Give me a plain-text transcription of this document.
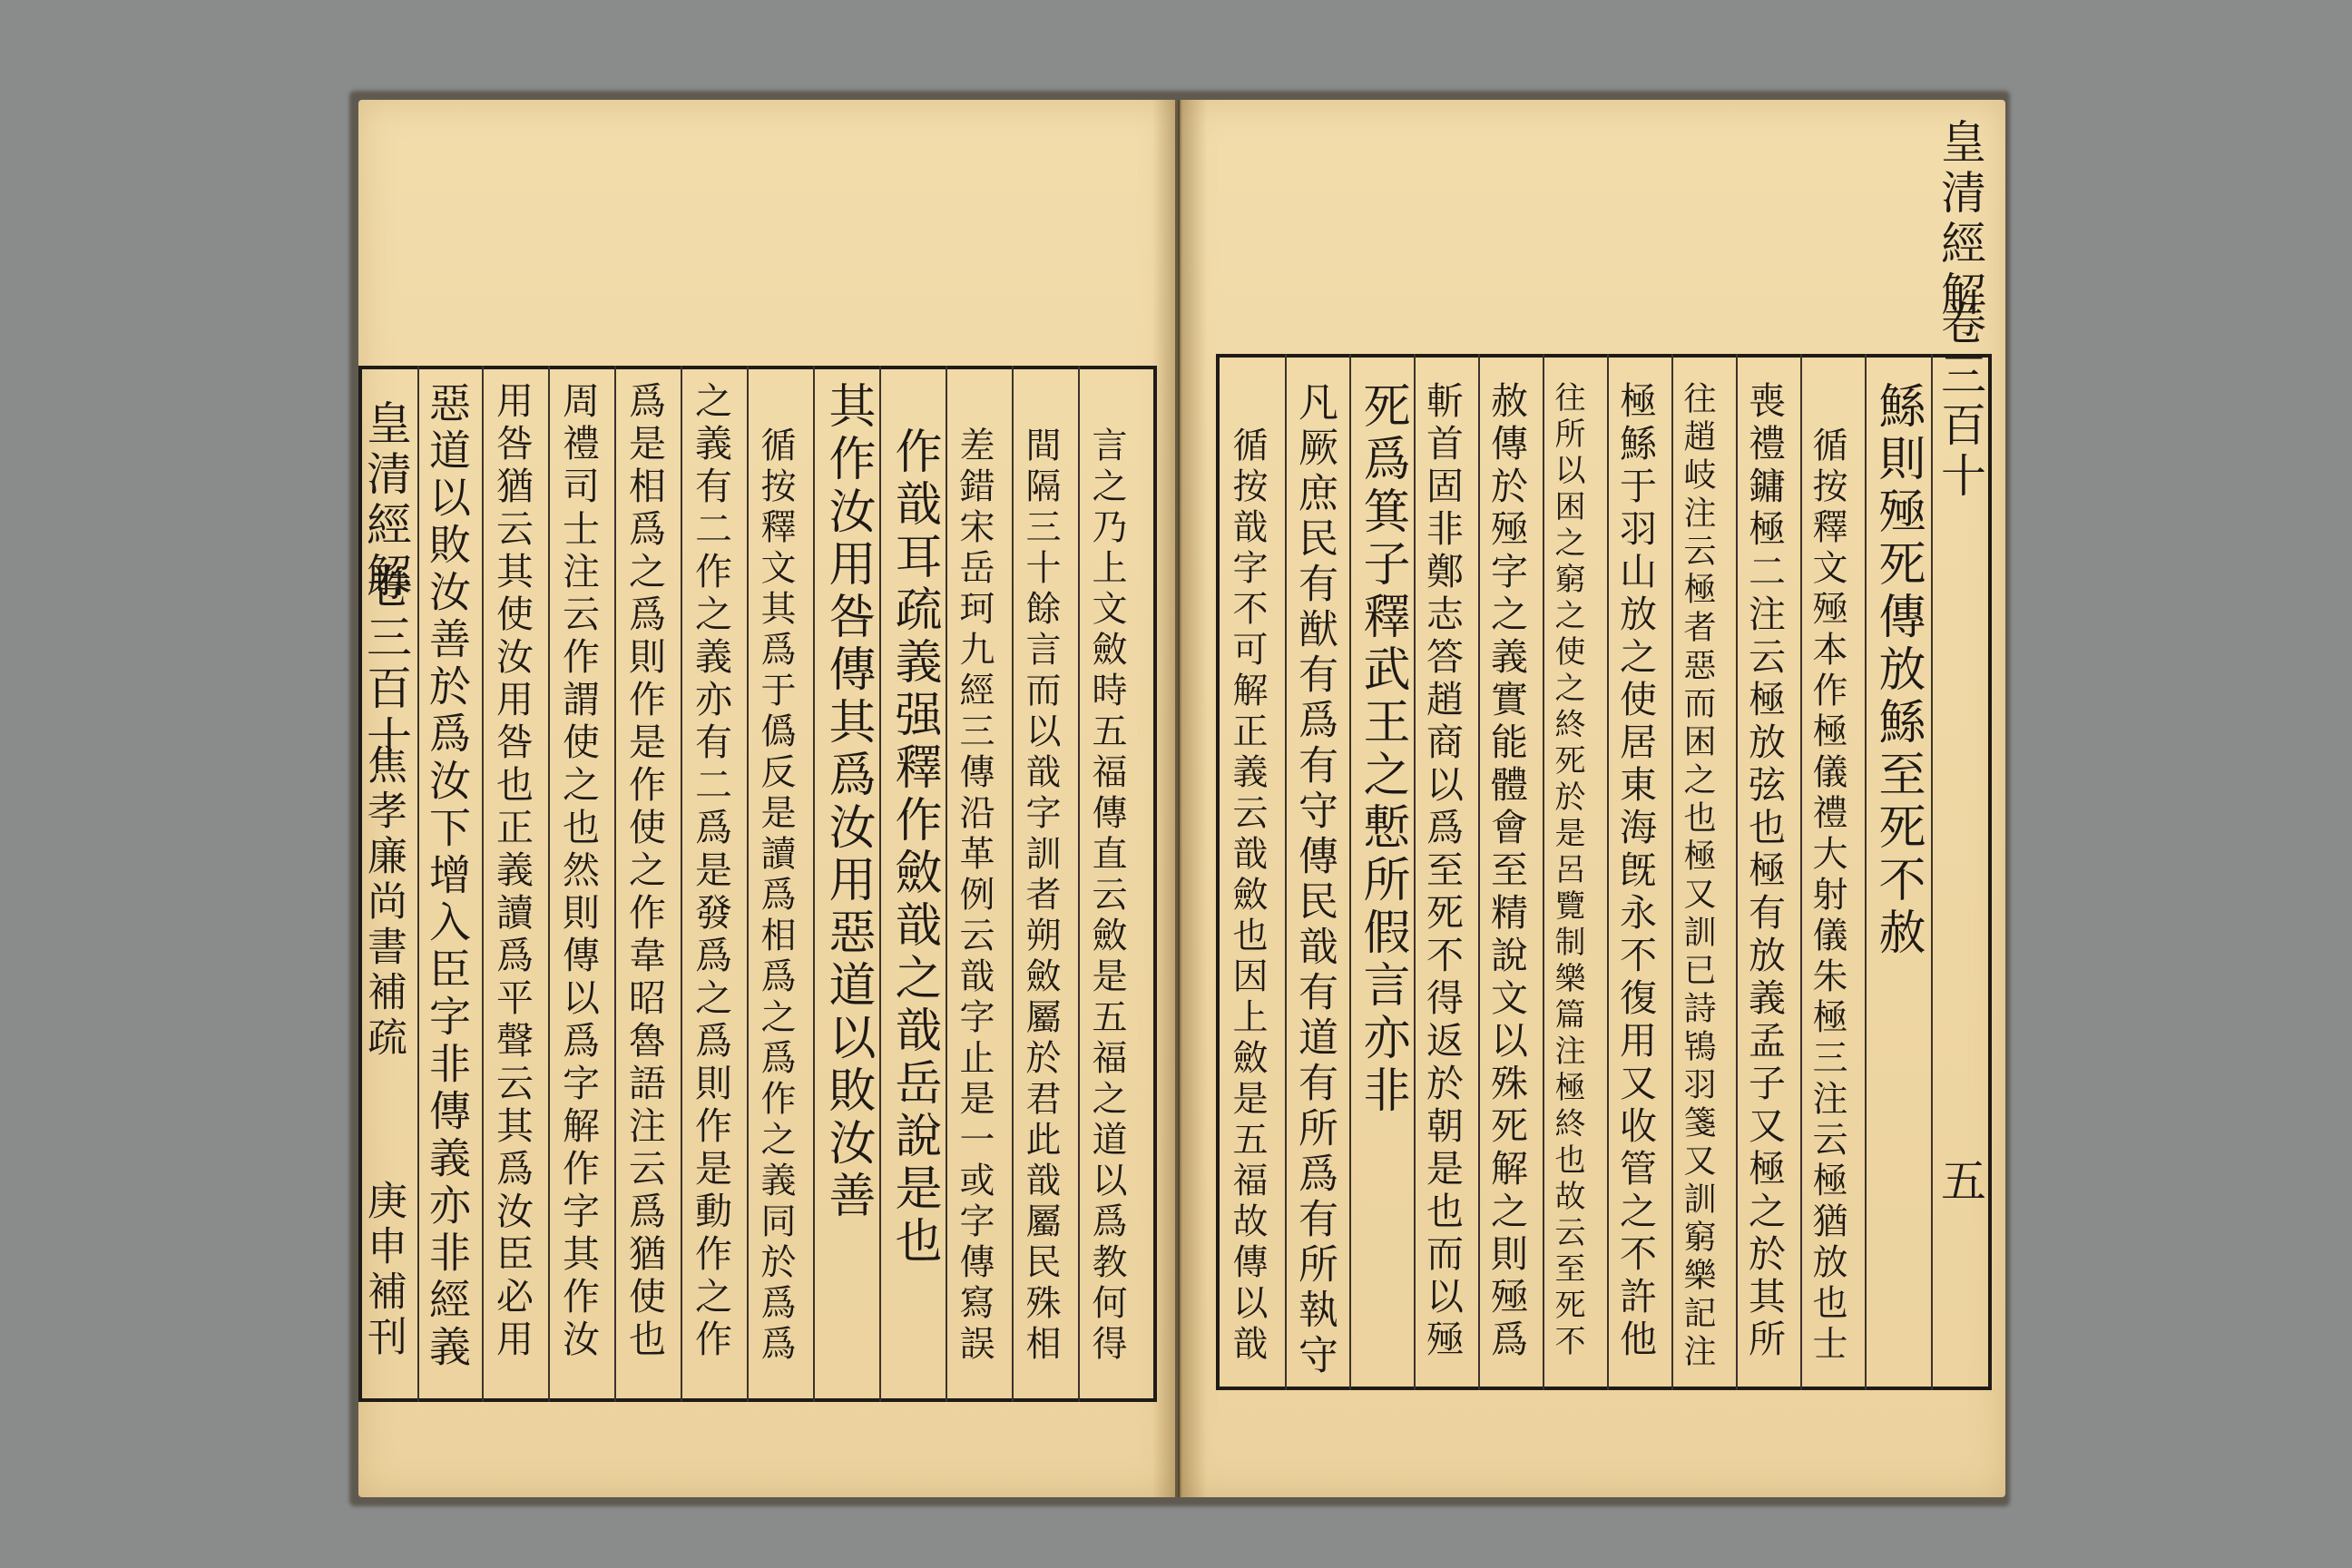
皇清經解
卷三百十
焦孝廉尚書補疏
庚申補刊	言之乃上文斂時五福傳直云斂是五福之道以爲教何得
間隔三十餘言而以戠字訓者朔斂屬於君此戠屬民殊相
差錯宋岳珂九經三傳沿革例云戠字止是一或字傳寫誤
作戠耳疏義强釋作斂戠之戠岳說是也
其作汝用咎傳其爲汝用惡道以敗汝善
循按釋文其爲于僞反是讀爲相爲之爲作之義同於爲爲
之義有二作之義亦有二爲是發爲之爲則作是動作之作
爲是相爲之爲則作是作使之作韋昭魯語注云爲猶使也
周禮司士注云作謂使之也然則傳以爲字解作字其作汝
用咎猶云其使汝用咎也正義讀爲平聲云其爲汝臣必用
惡道以敗汝善於爲汝下增入臣字非傳義亦非經義
皇清經解
卷三百十
五
鯀則殛死傳放鯀至死不赦
循按釋文殛本作極儀禮大射儀朱極三注云極猶放也士
喪禮鏞極二注云極放弦也極有放義孟子又極之於其所
往趙岐注云極者惡而困之也極又訓已詩鴇羽箋又訓窮樂記注
極鯀于羽山放之使居東海旣永不復用又收管之不許他
往所以困之窮之使之終死於是呂覽制樂篇注極終也故云至死不
赦傳於殛字之義實能體會至精說文以殊死解之則殛爲
斬首固非鄭志答趙商以爲至死不得返於朝是也而以殛
死爲箕子釋武王之慙所假言亦非
凡厥庶民有猷有爲有守傳民戠有道有所爲有所執守
循按戠字不可解正義云戠斂也因上斂是五福故傳以戠
